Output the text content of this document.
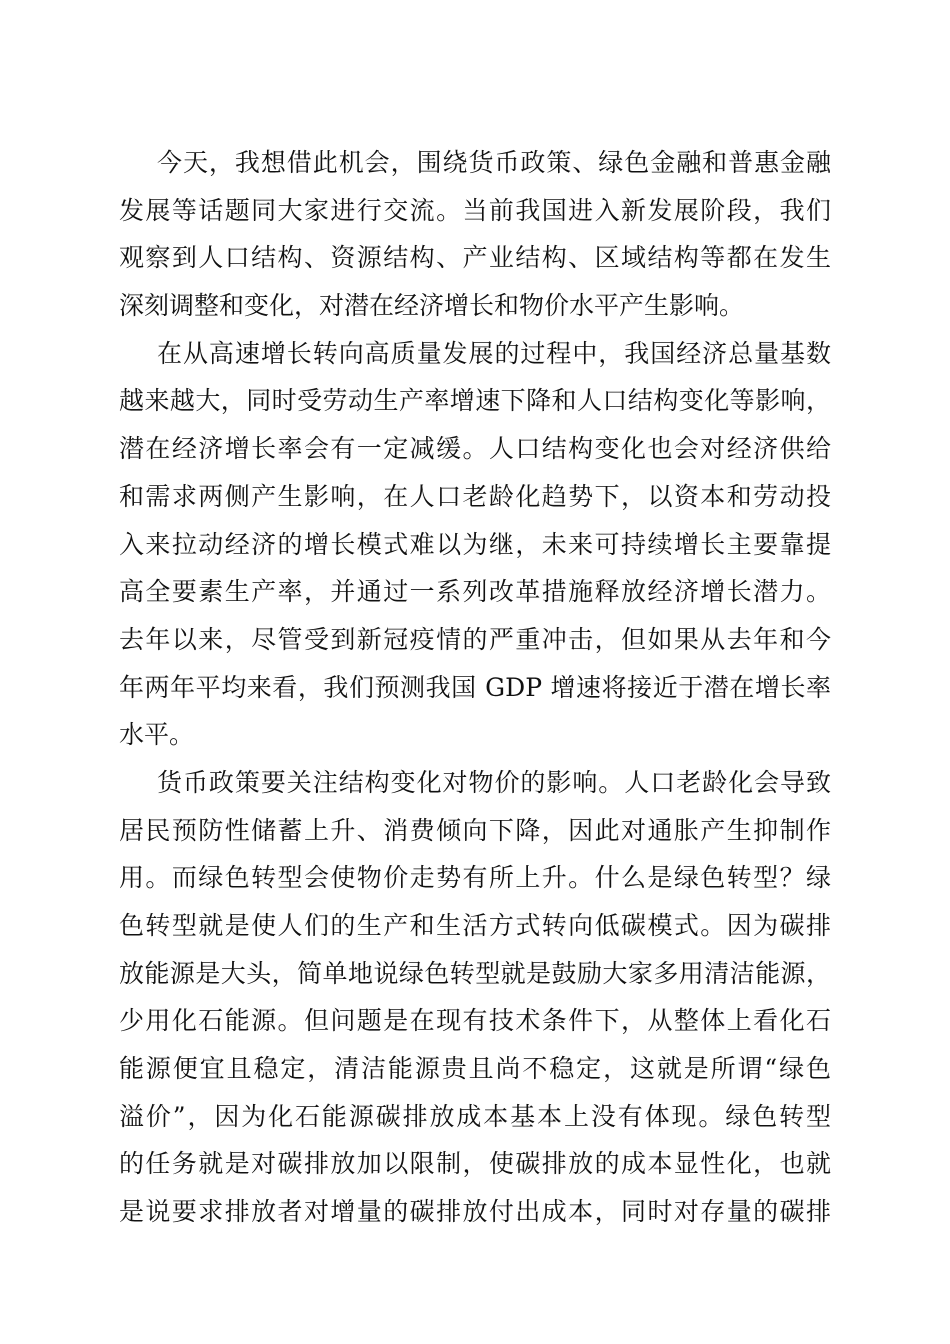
今天，我想借此机会，围绕货币政策、绿色金融和普惠金融
发展等话题同大家进行交流。当前我国进入新发展阶段，我们
观察到人口结构、资源结构、产业结构、区域结构等都在发生
深刻调整和变化，对潜在经济增长和物价水平产生影响。
在从高速增长转向高质量发展的过程中，我国经济总量基数
越来越大，同时受劳动生产率增速下降和人口结构变化等影响，
潜在经济增长率会有一定减缓。人口结构变化也会对经济供给
和需求两侧产生影响，在人口老龄化趋势下，以资本和劳动投
入来拉动经济的增长模式难以为继，未来可持续增长主要靠提
高全要素生产率，并通过一系列改革措施释放经济增长潜力。
去年以来，尽管受到新冠疫情的严重冲击，但如果从去年和今
年两年平均来看，我们预测我国 GDP 增速将接近于潜在增长率
水平。
货币政策要关注结构变化对物价的影响。人口老龄化会导致
居民预防性储蓄上升、消费倾向下降，因此对通胀产生抑制作
用。而绿色转型会使物价走势有所上升。什么是绿色转型？绿
色转型就是使人们的生产和生活方式转向低碳模式。因为碳排
放能源是大头，简单地说绿色转型就是鼓励大家多用清洁能源，
少用化石能源。但问题是在现有技术条件下，从整体上看化石
能源便宜且稳定，清洁能源贵且尚不稳定，这就是所谓“绿色
溢价”，因为化石能源碳排放成本基本上没有体现。绿色转型
的任务就是对碳排放加以限制，使碳排放的成本显性化，也就
是说要求排放者对增量的碳排放付出成本，同时对存量的碳排
